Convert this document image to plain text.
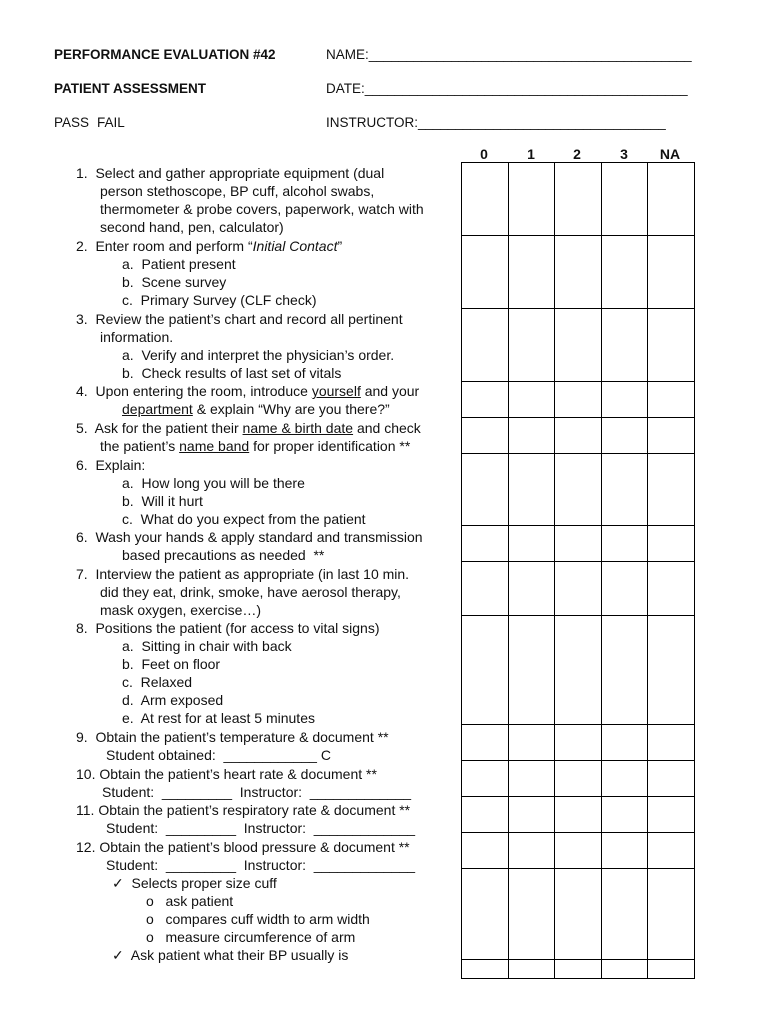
PERFORMANCE EVALUATION #42
PATIENT ASSESSMENT
PASS FAIL
NAME:___________________________________________
DATE:___________________________________________
INSTRUCTOR:_________________________________
0	1	2	3	NA

1.  Select and gather appropriate equipment (dual
person stethoscope, BP cuff, alcohol swabs,
thermometer & probe covers, paperwork, watch with
second hand, pen, calculator)
2.  Enter room and perform “Initial Contact”
a.  Patient present
b.  Scene survey
c.  Primary Survey (CLF check)
3.  Review the patient’s chart and record all pertinent
information.
a.  Verify and interpret the physician’s order.
b.  Check results of last set of vitals
4.  Upon entering the room, introduce yourself and your
department & explain “Why are you there?”
5.  Ask for the patient their name & birth date and check
the patient’s name band for proper identification **
6.  Explain:
a.  How long you will be there
b.  Will it hurt
c.  What do you expect from the patient
6.  Wash your hands & apply standard and transmission
based precautions as needed  **
7.  Interview the patient as appropriate (in last 10 min.
did they eat, drink, smoke, have aerosol therapy,
mask oxygen, exercise…)
8.  Positions the patient (for access to vital signs)
a.  Sitting in chair with back
b.  Feet on floor
c.  Relaxed
d.  Arm exposed
e.  At rest for at least 5 minutes
9.  Obtain the patient’s temperature & document **
Student obtained:  ____________ C
10. Obtain the patient’s heart rate & document **
Student:  _________  Instructor:  _____________
11. Obtain the patient’s respiratory rate & document **
Student:  _________  Instructor:  _____________
12. Obtain the patient’s blood pressure & document **
Student:  _________  Instructor:  _____________
✓  Selects proper size cuff
o   ask patient
o   compares cuff width to arm width
o   measure circumference of arm
✓  Ask patient what their BP usually is
